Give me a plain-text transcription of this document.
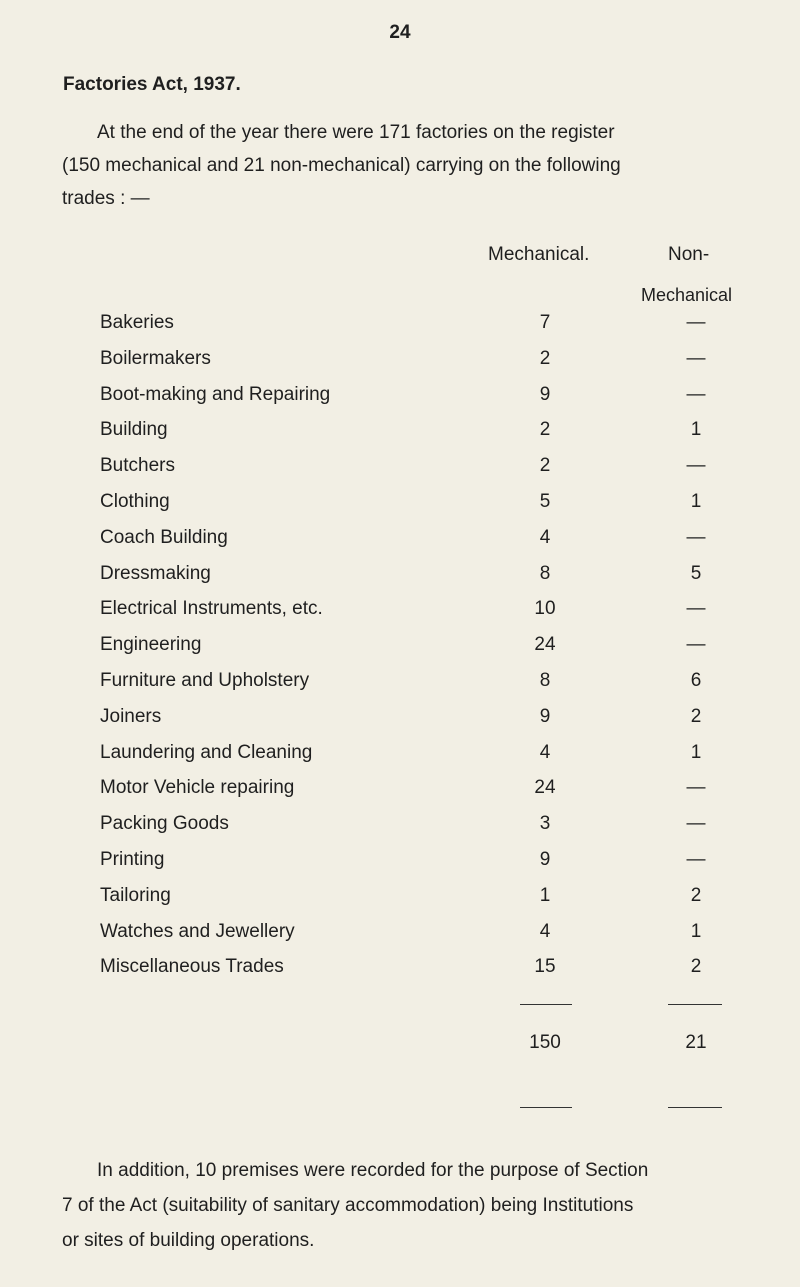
24
Factories Act, 1937.
At the end of the year there were 171 factories on the register
(150 mechanical and 21 non-mechanical) carrying on the following
trades : —
Mechanical.	Non-
Mechanical
Bakeries	7	—
Boilermakers	2	—
Boot-making and Repairing	9	—
Building	2	1
Butchers	2	—
Clothing	5	1
Coach Building	4	—
Dressmaking	8	5
Electrical Instruments, etc.	10	—
Engineering	24	—
Furniture and Upholstery	8	6
Joiners	9	2
Laundering and Cleaning	4	1
Motor Vehicle repairing	24	—
Packing Goods	3	—
Printing	9	—
Tailoring	1	2
Watches and Jewellery	4	1
Miscellaneous Trades	15	2
150	21
In addition, 10 premises were recorded for the purpose of Section
7 of the Act (suitability of sanitary accommodation) being Institutions
or sites of building operations.
